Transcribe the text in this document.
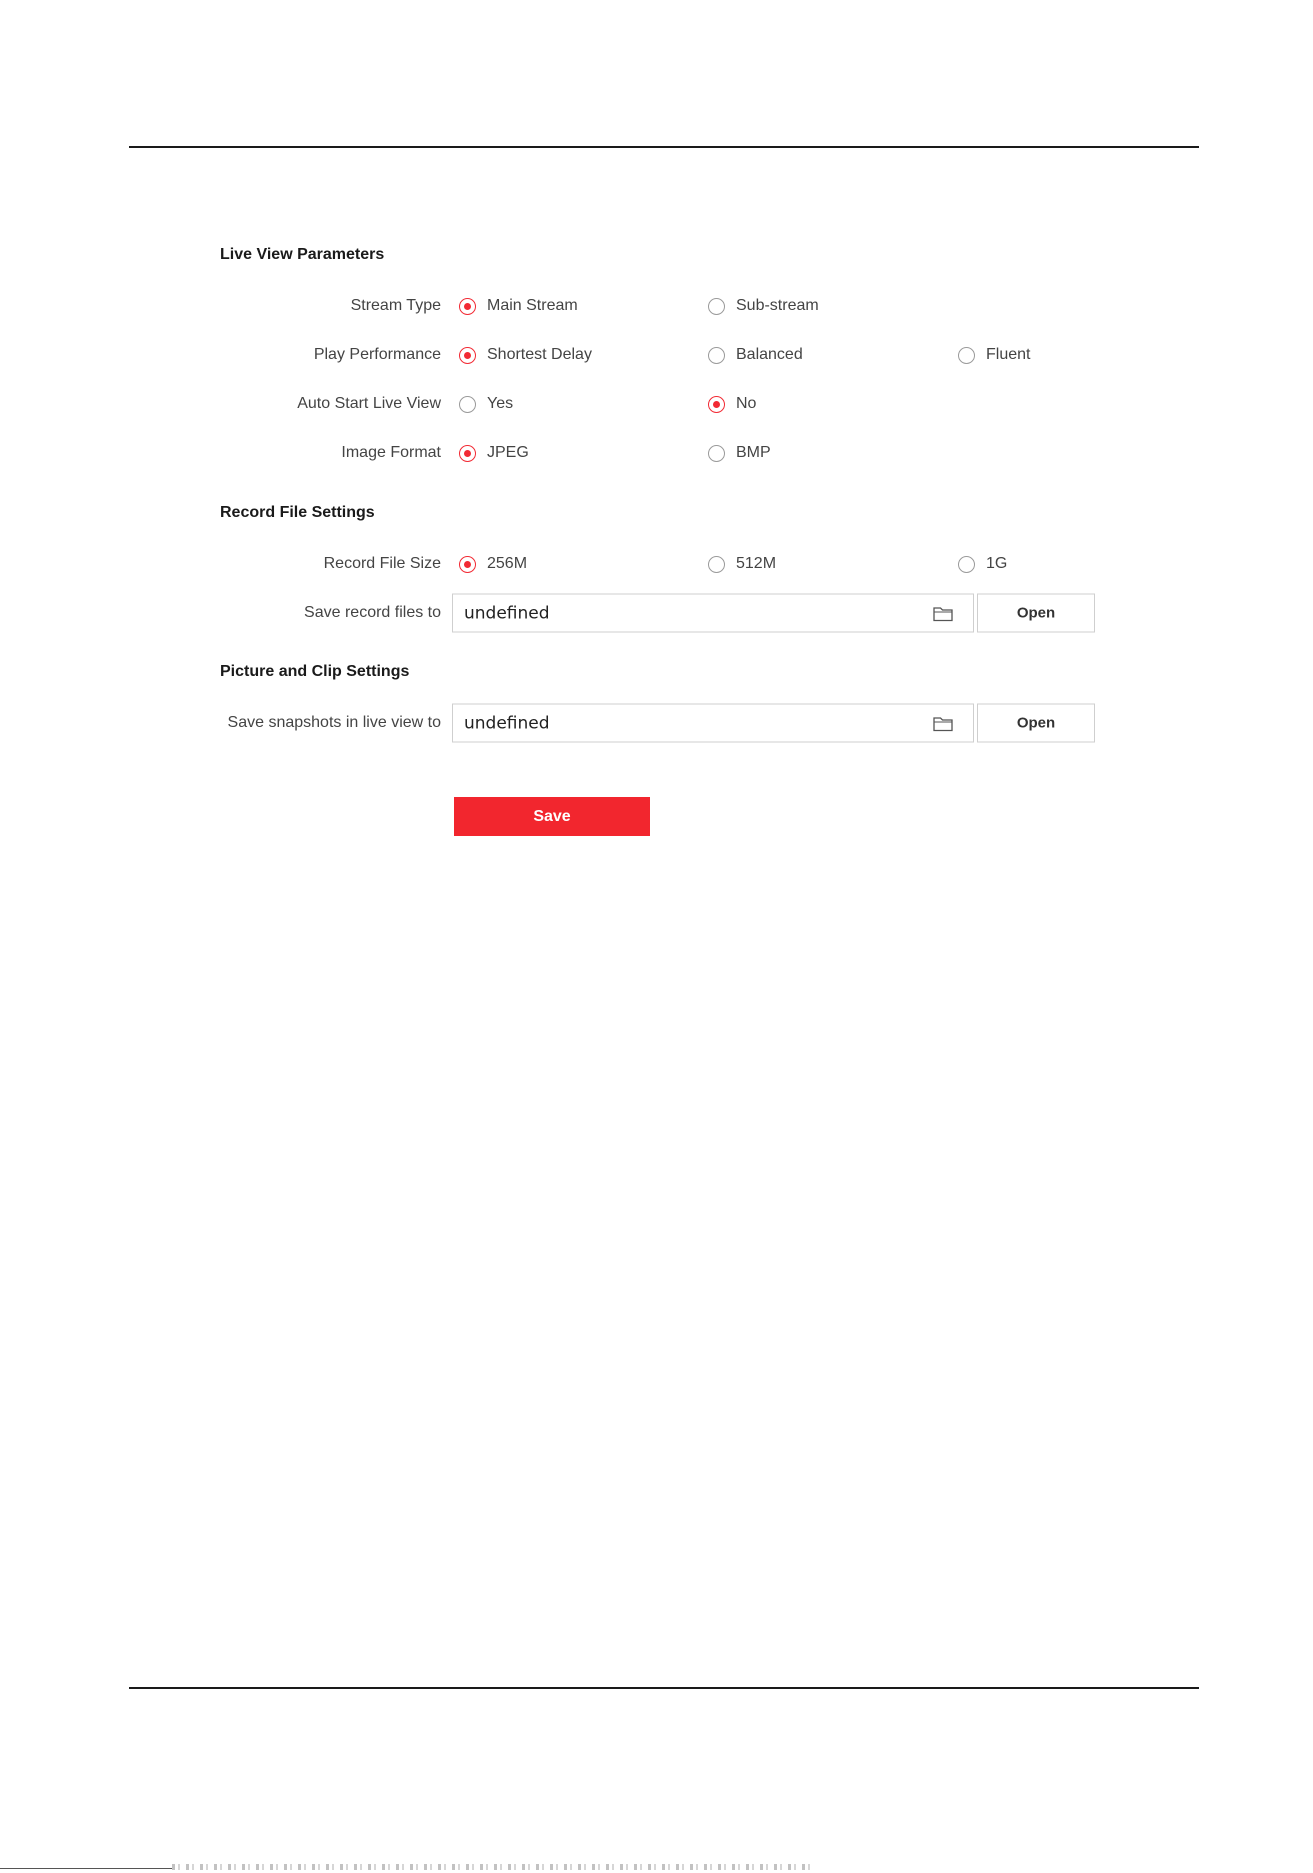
Live View Parameters
Stream Type	Main Stream	Sub-stream
Play Performance	Shortest Delay	Balanced	Fluent
Auto Start Live View	Yes	No
Image Format	JPEG	BMP
Record File Settings
Record File Size	256M	512M	1G
Save record files to undefined	Open
Picture and Clip Settings
Save snapshots in live view to undefined	Open
Save
